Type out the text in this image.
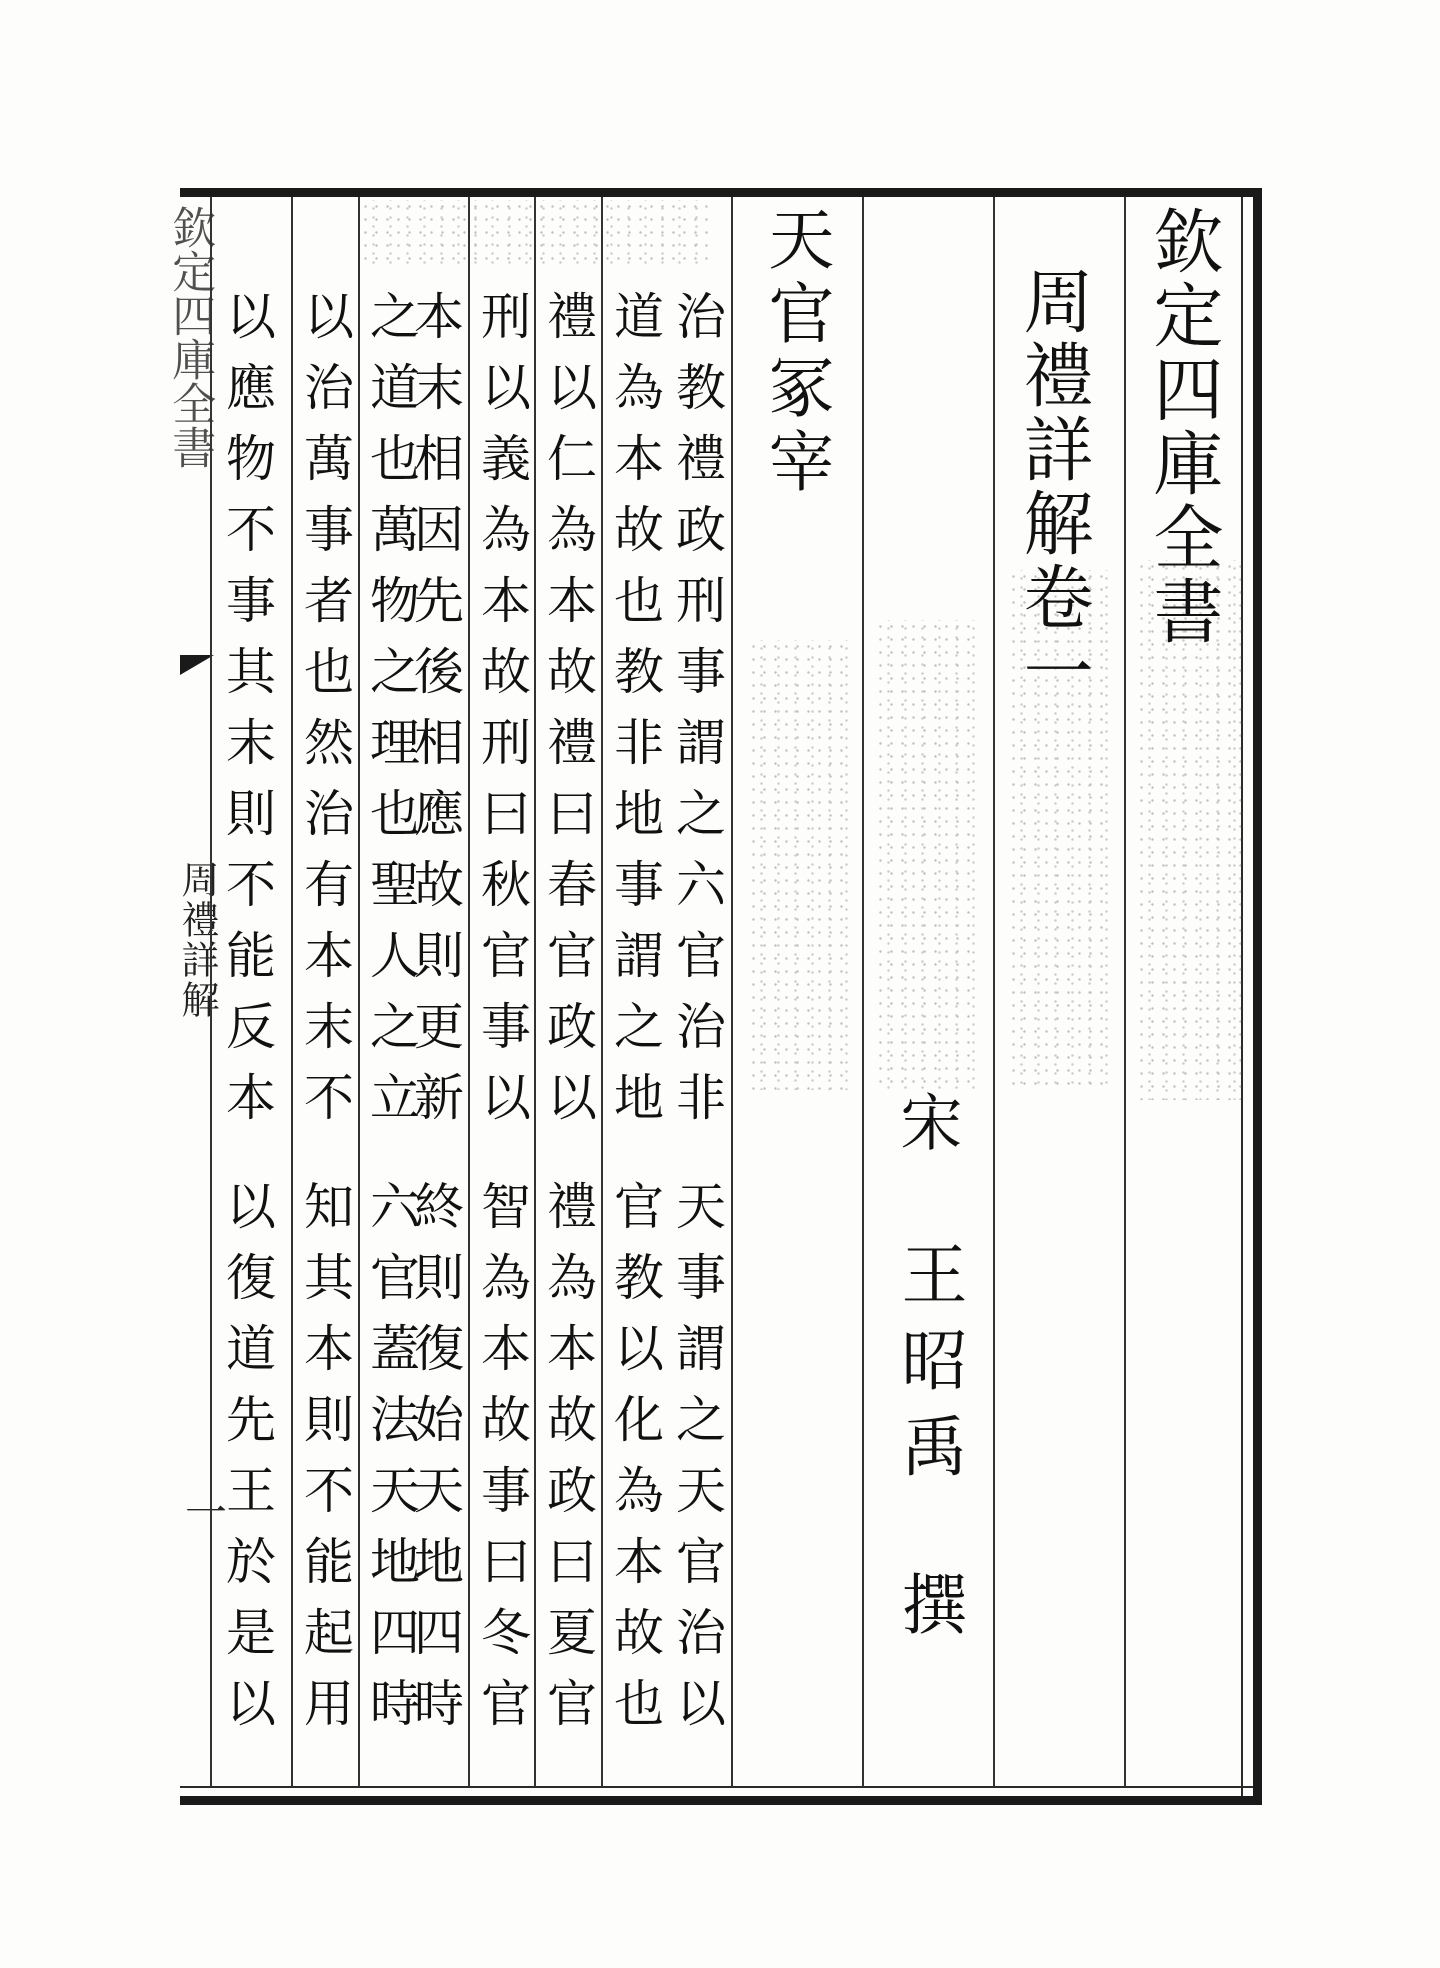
欽定四庫全書
周禮詳解
一
欽定四庫全書
周禮詳解卷一
宋
王昭禹
撰
天官冢宰
治教禮政刑事謂之六官治非
道為本故也教非地事謂之地
禮以仁為本故禮曰春官政以
刑以義為本故刑曰秋官事以
本末相因先後相應故則更新
之道也萬物之理也聖人之立
以治萬事者也然治有本末不
以應物不事其末則不能反本
天事謂之天官治以
官教以化為本故也
禮為本故政曰夏官
智為本故事曰冬官
終則復始天地四時
六官蓋法天地四時
知其本則不能起用
以復道先王於是以
